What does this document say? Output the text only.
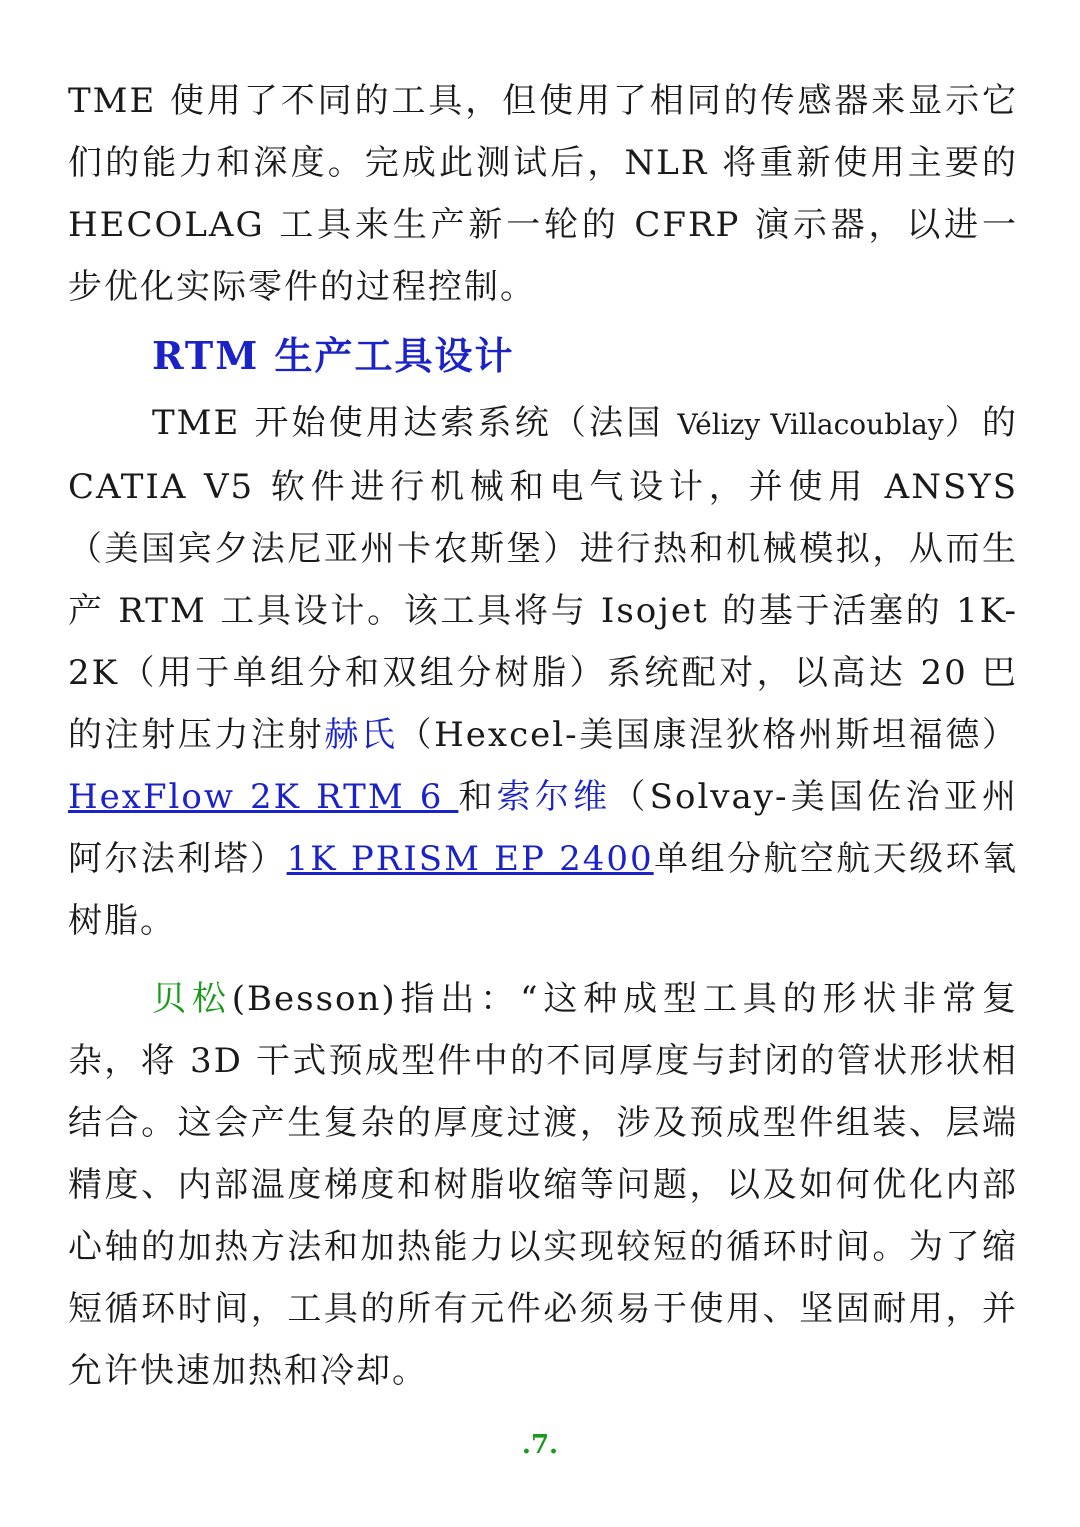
TME 使用了不同的工具，但使用了相同的传感器来显示它们的能力和深度。完成此测试后，NLR 将重新使用主要的 HECOLAG 工具来生产新一轮的 CFRP 演示器，以进一步优化实际零件的过程控制。

RTM 生产工具设计

TME 开始使用达索系统（法国 Vélizy Villacoublay）的 CATIA V5 软件进行机械和电气设计，并使用 ANSYS（美国宾夕法尼亚州卡农斯堡）进行热和机械模拟，从而生产 RTM 工具设计。该工具将与 Isojet 的基于活塞的 1K-2K（用于单组分和双组分树脂）系统配对，以高达 20 巴的注射压力注射赫氏（Hexcel-美国康涅狄格州斯坦福德）HexFlow 2K RTM 6 和索尔维（Solvay-美国佐治亚州阿尔法利塔）1K PRISM EP 2400单组分航空航天级环氧树脂。

贝松(Besson)指出：“这种成型工具的形状非常复杂，将 3D 干式预成型件中的不同厚度与封闭的管状形状相结合。这会产生复杂的厚度过渡，涉及预成型件组装、层端精度、内部温度梯度和树脂收缩等问题，以及如何优化内部心轴的加热方法和加热能力以实现较短的循环时间。为了缩短循环时间，工具的所有元件必须易于使用、坚固耐用，并允许快速加热和冷却。

.7.
